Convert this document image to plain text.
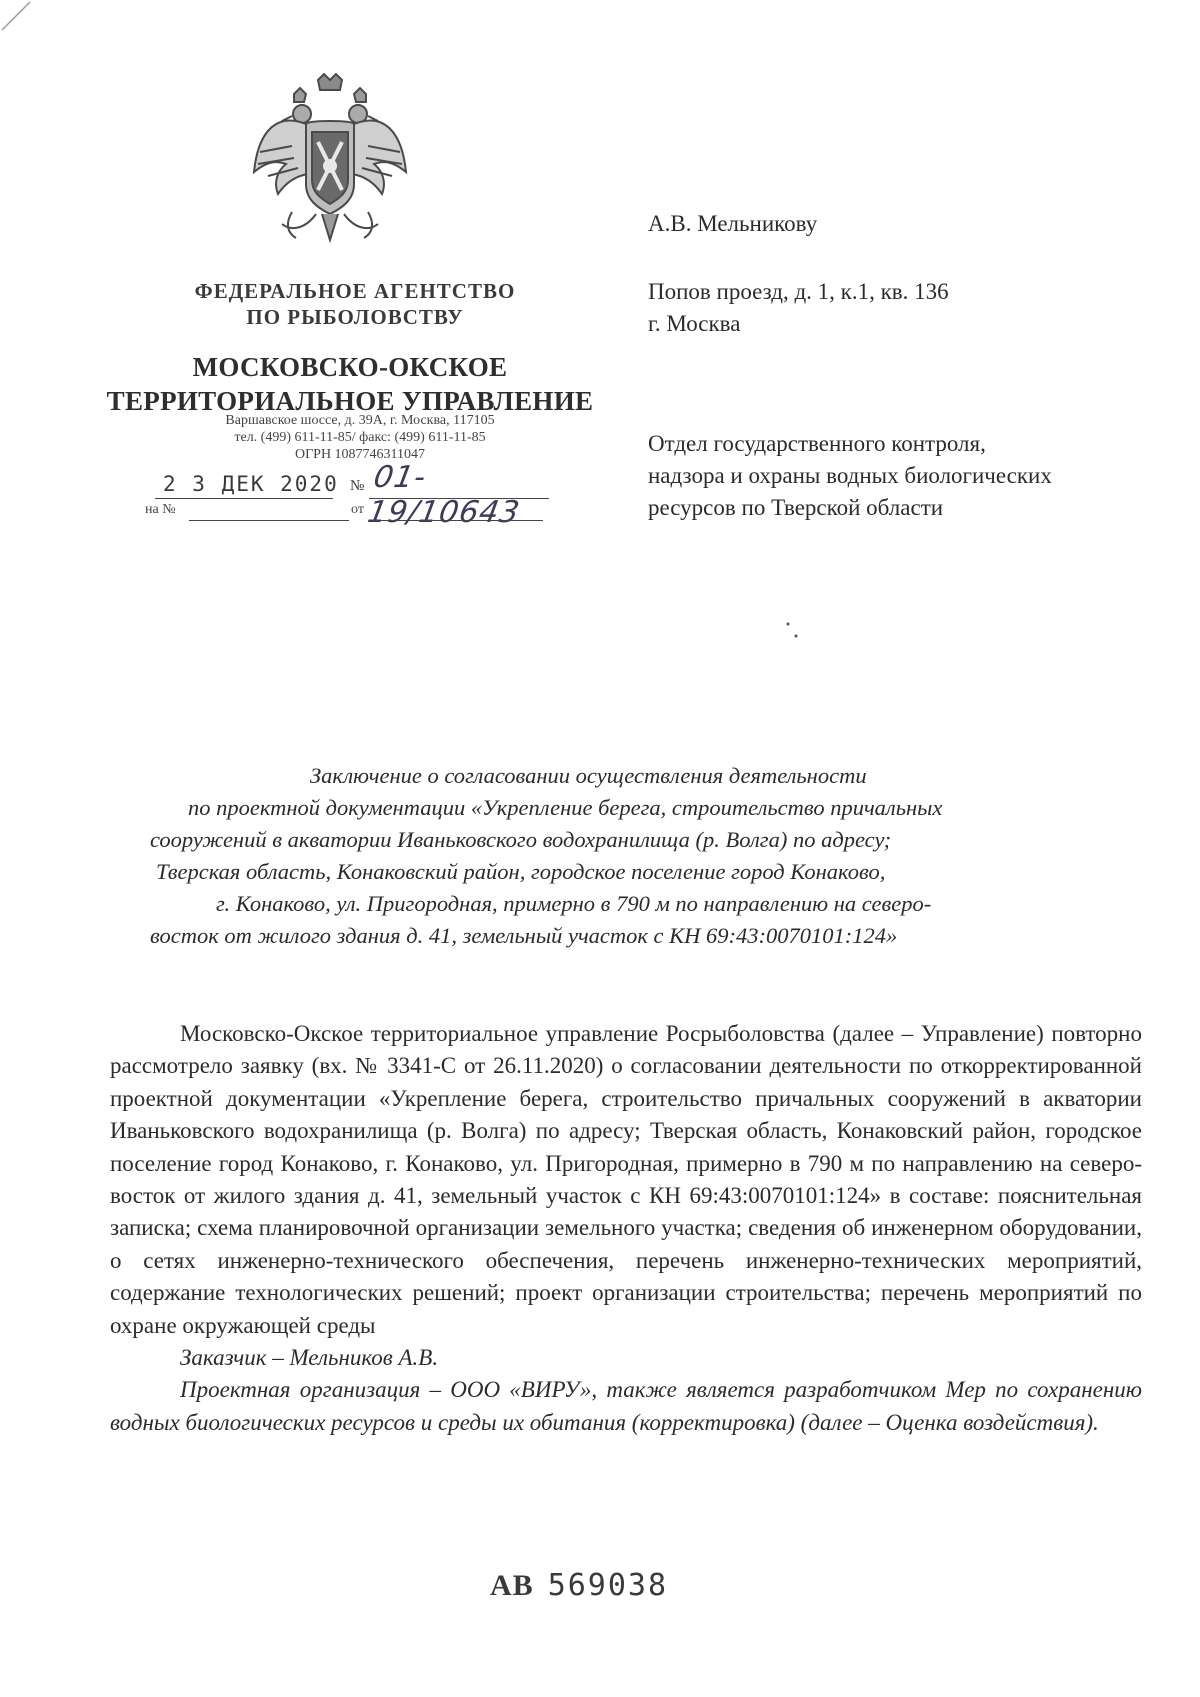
ФЕДЕРАЛЬНОЕ АГЕНТСТВО
ПО РЫБОЛОВСТВУ
МОСКОВСКО-ОКСКОЕ
ТЕРРИТОРИАЛЬНОЕ УПРАВЛЕНИЕ
Варшавское шоссе, д. 39А, г. Москва, 117105
тел. (499) 611-11-85/ факс: (499) 611-11-85
ОГРН 1087746311047
2 3 ДЕК 2020 № 01-19/10643
на №	от
А.В. Мельникову
Попов проезд, д. 1, к.1, кв. 136
г. Москва
Отдел государственного контроля,
надзора и охраны водных биологических
ресурсов по Тверской области
Заключение о согласовании осуществления деятельности
по проектной документации «Укрепление берега, строительство причальных
сооружений в акватории Иваньковского водохранилища (р. Волга) по адресу;
Тверская область, Конаковский район, городское поселение город Конаково,
г. Конаково, ул. Пригородная, примерно в 790 м по направлению на северо-
восток от жилого здания д. 41, земельный участок с КН 69:43:0070101:124»

Московско-Окское территориальное управление Росрыболовства (далее – Управление) повторно рассмотрело заявку (вх. № 3341-С от 26.11.2020) о согласовании деятельности по откорректированной проектной документации «Укрепление берега, строительство причальных сооружений в акватории Иваньковского водохранилища (р. Волга) по адресу; Тверская область, Конаковский район, городское поселение город Конаково, г. Конаково, ул. Пригородная, примерно в 790 м по направлению на северо-восток от жилого здания д. 41, земельный участок с КН 69:43:0070101:124» в составе: пояснительная записка; схема планировочной организации земельного участка; сведения об инженерном оборудовании, о сетях инженерно-технического обеспечения, перечень инженерно-технических мероприятий, содержание технологических решений; проект организации строительства; перечень мероприятий по охране окружающей среды

Заказчик – Мельников А.В.

Проектная организация – ООО «ВИРУ», также является разработчиком Мер по сохранению водных биологических ресурсов и среды их обитания (корректировка) (далее – Оценка воздействия).

АВ 569038
